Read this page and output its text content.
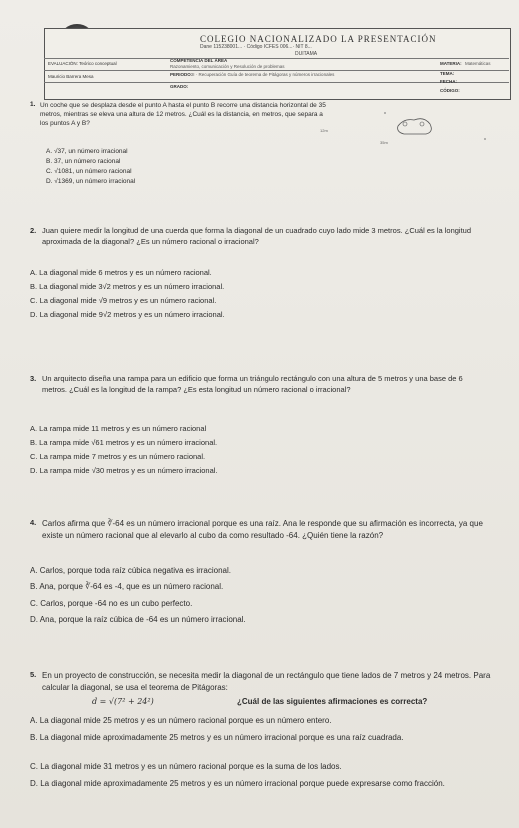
COLEGIO NACIONALIZADO LA PRESENTACIÓN
Dane 115238001... · Código ICFES 006...· NIT 8...
DUITAMA
EVALUACIÓN: Teórico conceptual
COMPETENCIA DEL ÁREA
Razonamiento, comunicación y Resolución de problemas
Mauricio Barrera Mesa	PERIODO: II · Recuperación Guía de teorema de Pitágoras y números irracionales
GRADO:
MATERIA: Matemáticas
TEMA:
FECHA:
CÓDIGO:
1. Un coche que se desplaza desde el punto A hasta el punto B recorre una distancia horizontal de 35 metros, mientras se eleva una altura de 12 metros. ¿Cuál es la distancia, en metros, que separa a los puntos A y B?
A. √37, un número irracional
B. 37, un número racional
C. √1081, un número racional
D. √1369, un número irracional
12m
35m
2. Juan quiere medir la longitud de una cuerda que forma la diagonal de un cuadrado cuyo lado mide 3 metros. ¿Cuál es la longitud aproximada de la diagonal? ¿Es un número racional o irracional?
A. La diagonal mide 6 metros y es un número racional.
B. La diagonal mide 3√2 metros y es un número irracional.
C. La diagonal mide √9 metros y es un número racional.
D. La diagonal mide 9√2 metros y es un número irracional.
3. Un arquitecto diseña una rampa para un edificio que forma un triángulo rectángulo con una altura de 5 metros y una base de 6 metros. ¿Cuál es la longitud de la rampa? ¿Es esta longitud un número racional o irracional?
A. La rampa mide 11 metros y es un número racional
B. La rampa mide √61 metros y es un número irracional.
C. La rampa mide 7 metros y es un número racional.
D. La rampa mide √30 metros y es un número irracional.
4. Carlos afirma que ∛-64 es un número irracional porque es una raíz. Ana le responde que su afirmación es incorrecta, ya que existe un número racional que al elevarlo al cubo da como resultado -64. ¿Quién tiene la razón?
A. Carlos, porque toda raíz cúbica negativa es irracional.
B. Ana, porque ∛-64 es -4, que es un número racional.
C. Carlos, porque -64 no es un cubo perfecto.
D. Ana, porque la raíz cúbica de -64 es un número irracional.
5. En un proyecto de construcción, se necesita medir la diagonal de un rectángulo que tiene lados de 7 metros y 24 metros. Para calcular la diagonal, se usa el teorema de Pitágoras:
d = √(7² + 24²)	¿Cuál de las siguientes afirmaciones es correcta?
A. La diagonal mide 25 metros y es un número racional porque es un número entero.
B. La diagonal mide aproximadamente 25 metros y es un número irracional porque es una raíz cuadrada.
C. La diagonal mide 31 metros y es un número racional porque es la suma de los lados.
D. La diagonal mide aproximadamente 25 metros y es un número irracional porque puede expresarse como fracción.
